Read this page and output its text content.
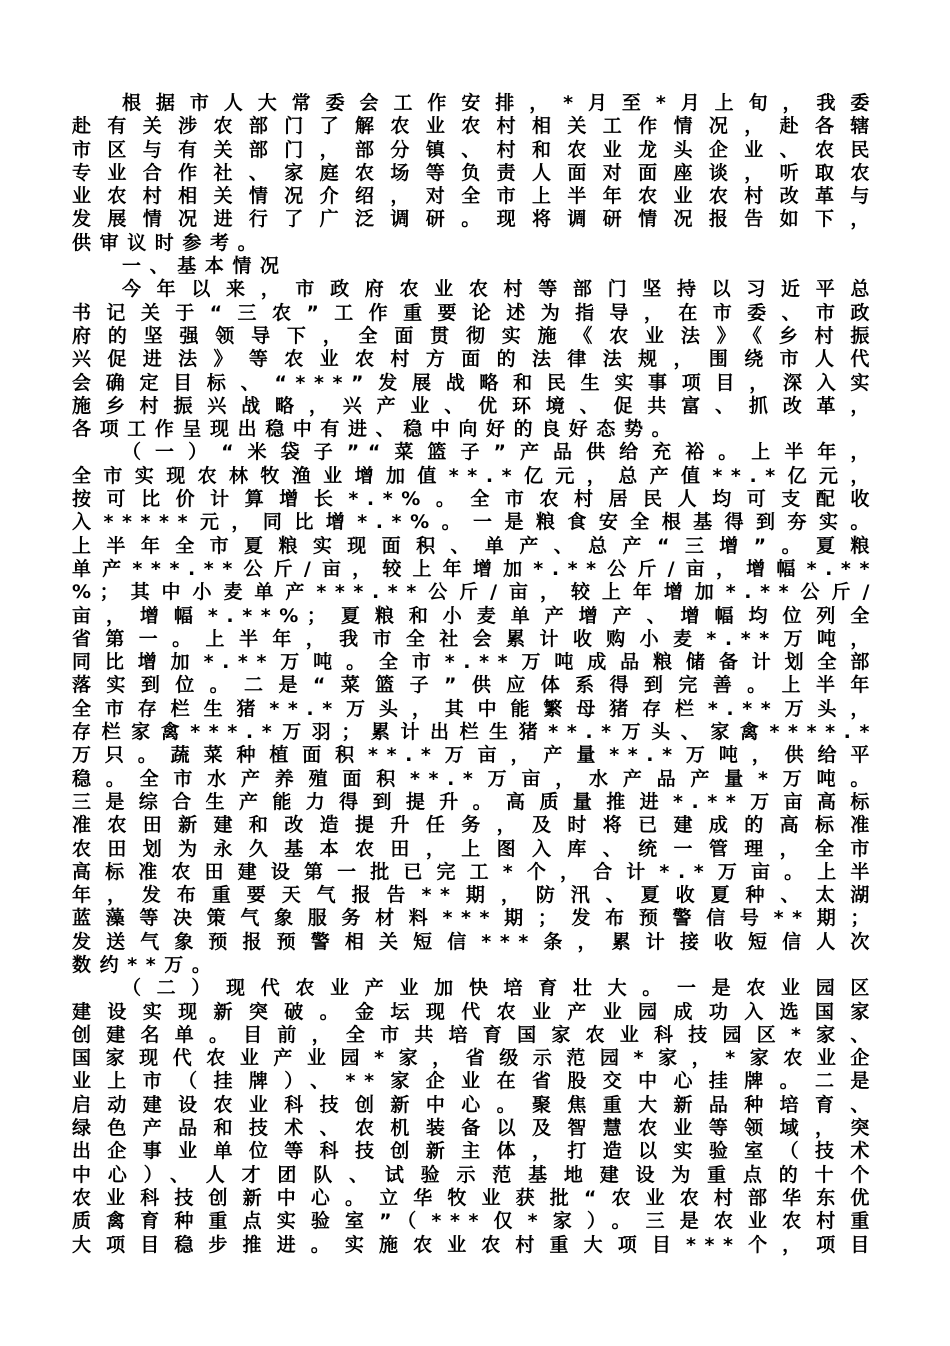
根据市人大常委会工作安排，*月至*月上旬，我委
赴有关涉农部门了解农业农村相关工作情况，赴各辖
市区与有关部门，部分镇、村和农业龙头企业、农民
专业合作社、家庭农场等负责人面对面座谈，听取农
业农村相关情况介绍，对全市上半年农业农村改革与
发展情况进行了广泛调研。现将调研情况报告如下，
供审议时参考。
一、基本情况
今年以来，市政府农业农村等部门坚持以习近平总
书记关于“三农”工作重要论述为指导，在市委、市政
府的坚强领导下，全面贯彻实施《农业法》《乡村振
兴促进法》等农业农村方面的法律法规，围绕市人代
会确定目标、“***”发展战略和民生实事项目，深入实
施乡村振兴战略，兴产业、优环境、促共富、抓改革，
各项工作呈现出稳中有进、稳中向好的良好态势。
（一）“米袋子”“菜篮子”产品供给充裕。上半年，
全市实现农林牧渔业增加值**.*亿元，总产值**.*亿元，
按可比价计算增长*.*%。全市农村居民人均可支配收
入*****元，同比增*.*%。一是粮食安全根基得到夯实。
上半年全市夏粮实现面积、单产、总产“三增”。夏粮
单产***.**公斤/亩，较上年增加*.**公斤/亩，增幅*.**
%；其中小麦单产***.**公斤/亩，较上年增加*.**公斤/
亩，增幅*.**%；夏粮和小麦单产增产、增幅均位列全
省第一。上半年，我市全社会累计收购小麦*.**万吨，
同比增加*.**万吨。全市*.**万吨成品粮储备计划全部
落实到位。二是“菜篮子”供应体系得到完善。上半年
全市存栏生猪**.*万头，其中能繁母猪存栏*.**万头，
存栏家禽***.*万羽；累计出栏生猪**.*万头、家禽****.*
万只。蔬菜种植面积**.*万亩，产量**.*万吨，供给平
稳。全市水产养殖面积**.*万亩，水产品产量*万吨。
三是综合生产能力得到提升。高质量推进*.**万亩高标
准农田新建和改造提升任务，及时将已建成的高标准
农田划为永久基本农田，上图入库、统一管理，全市
高标准农田建设第一批已完工*个，合计*.*万亩。上半
年，发布重要天气报告**期，防汛、夏收夏种、太湖
蓝藻等决策气象服务材料***期；发布预警信号**期；
发送气象预报预警相关短信***条，累计接收短信人次
数约**万。
（二）现代农业产业加快培育壮大。一是农业园区
建设实现新突破。金坛现代农业产业园成功入选国家
创建名单。目前，全市共培育国家农业科技园区*家、
国家现代农业产业园*家，省级示范园*家，*家农业企
业上市（挂牌）、**家企业在省股交中心挂牌。二是
启动建设农业科技创新中心。聚焦重大新品种培育、
绿色产品和技术、农机装备以及智慧农业等领域，突
出企事业单位等科技创新主体，打造以实验室（技术
中心）、人才团队、试验示范基地建设为重点的十个
农业科技创新中心。立华牧业获批“农业农村部华东优
质禽育种重点实验室”（***仅*家）。三是农业农村重
大项目稳步推进。实施农业农村重大项目***个，项目
